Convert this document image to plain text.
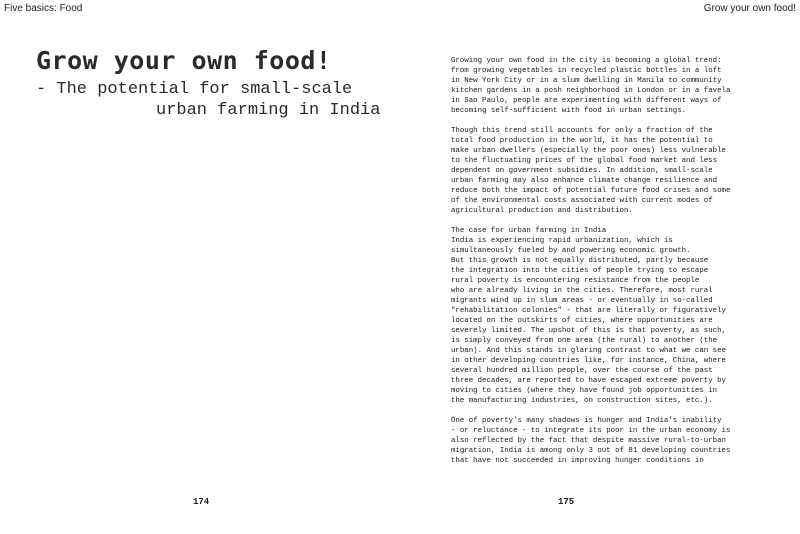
Five basics: Food
Grow your own food!
- The potential for small-scale
urban farming in India
174
Grow your own food!

Growing your own food in the city is becoming a global trend:
from growing vegetables in recycled plastic bottles in a loft
in New York City or in a slum dwelling in Manila to community
kitchen gardens in a posh neighborhood in London or in a favela
in Sao Paulo, people are experimenting with different ways of
becoming self-sufficient with food in urban settings.

Though this trend still accounts for only a fraction of the
total food production in the world, it has the potential to
make urban dwellers (especially the poor ones) less vulnerable
to the fluctuating prices of the global food market and less
dependent on government subsidies. In addition, small-scale
urban farming may also enhance climate change resilience and
reduce both the impact of potential future food crises and some
of the environmental costs associated with current modes of
agricultural production and distribution.

The case for urban farming in India
India is experiencing rapid urbanization, which is
simultaneously fueled by and powering economic growth.
But this growth is not equally distributed, partly because
the integration into the cities of people trying to escape
rural poverty is encountering resistance from the people
who are already living in the cities. Therefore, most rural
migrants wind up in slum areas - or eventually in so-called
"rehabilitation colonies" - that are literally or figuratively
located on the outskirts of cities, where opportunities are
severely limited. The upshot of this is that poverty, as such,
is simply conveyed from one area (the rural) to another (the
urban). And this stands in glaring contrast to what we can see
in other developing countries like, for instance, China, where
several hundred million people, over the course of the past
three decades, are reported to have escaped extreme poverty by
moving to cities (where they have found job opportunities in
the manufacturing industries, on construction sites, etc.).

One of poverty's many shadows is hunger and India's inability
- or reluctance - to integrate its poor in the urban economy is
also reflected by the fact that despite massive rural-to-urban
migration, India is among only 3 out of 81 developing countries
that have not succeeded in improving hunger conditions in

175
